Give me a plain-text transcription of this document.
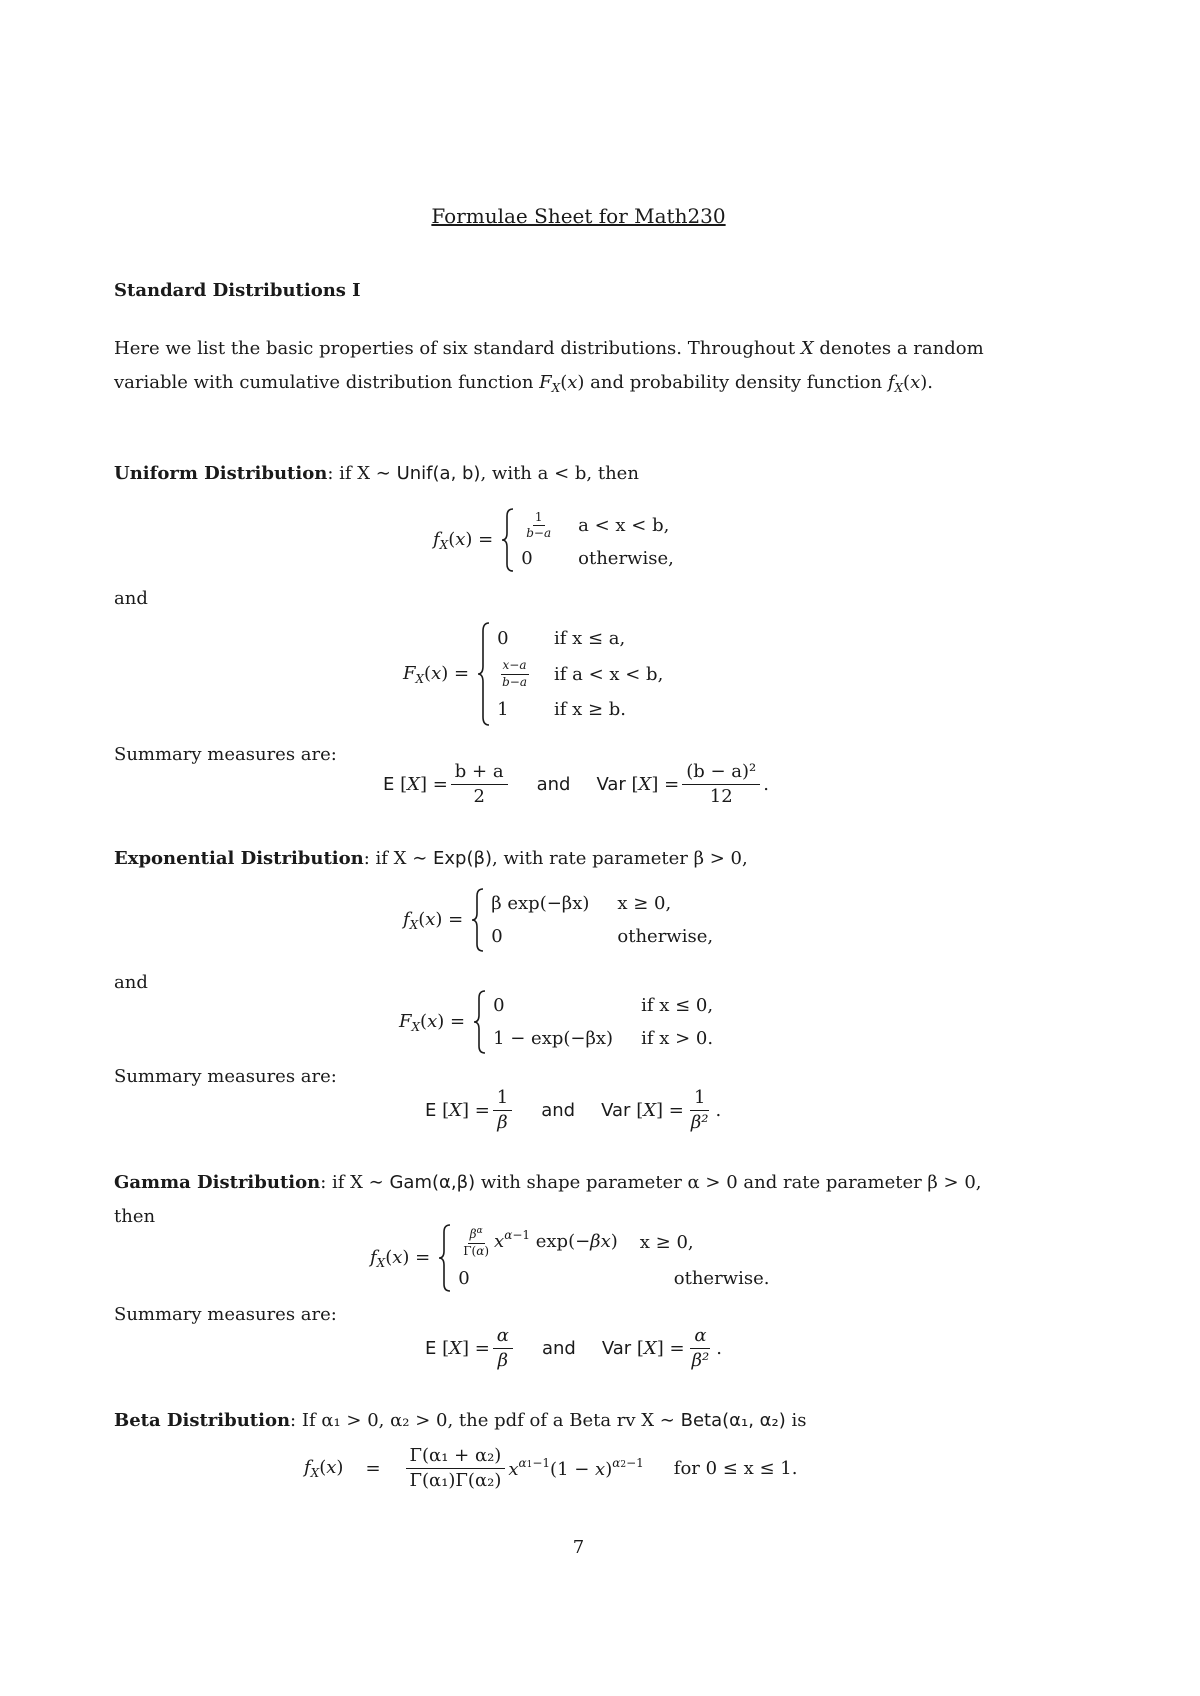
Formulae Sheet for Math230
Standard Distributions I
Here we list the basic properties of six standard distributions. Throughout X denotes a random
variable with cumulative distribution function $F_X(x)$ and probability density function $f_X(x)$.
Uniform Distribution: if X ∼ Unif(a, b), with a < b, then
$f_X(x)$ =	$\frac{1}{b-a}$ a < x < b,
0	otherwise,
and
$F_X(x)$ =
0	if x ≤ a,
$\frac{x-a}{b-a}$ if a < x < b,
1	if x ≥ b.
Summary measures are:
E $[X] = \frac{b + a}{2}$ and Var $[X] = \frac{\text{(b − a)²}}{12}$ .
Exponential Distribution: if X ∼ Exp(β), with rate parameter β > 0,
$f_X(x)$ =
β exp(−βx) x ≥ 0,
0	otherwise,
and
$F_X(x)$ =
0	if x ≤ 0,
1 − exp(−βx) if x > 0.
Summary measures are:
E $[X] = \frac{1}{\beta}$ and Var $[X] = \frac{1}{\text{β²}}$ .
Gamma Distribution: if X ∼ Gam(α,β) with shape parameter α > 0 and rate parameter β > 0,
then
$f_X(x)$ =	$\frac{\beta^\alpha}{\Gamma(\alpha)} x^{\alpha-1}$ exp(−βx) x ≥ 0,
0	otherwise.
Summary measures are:
E $[X] = \frac{\alpha}{\beta}$ and Var $[X] = \frac{\alpha}{\text{β²}}$ .
Beta Distribution: If α₁ > 0, α₂ > 0, the pdf of a Beta rv X ∼ Beta(α₁, α₂) is
$f_X(x) = \frac{\text{Γ(α₁ + α₂)}}{\text{Γ(α₁)Γ(α₂)}} x^{\alpha 1-1}(1 - x)^{\alpha 2-1}$ for 0 ≤ x ≤ 1.
7
